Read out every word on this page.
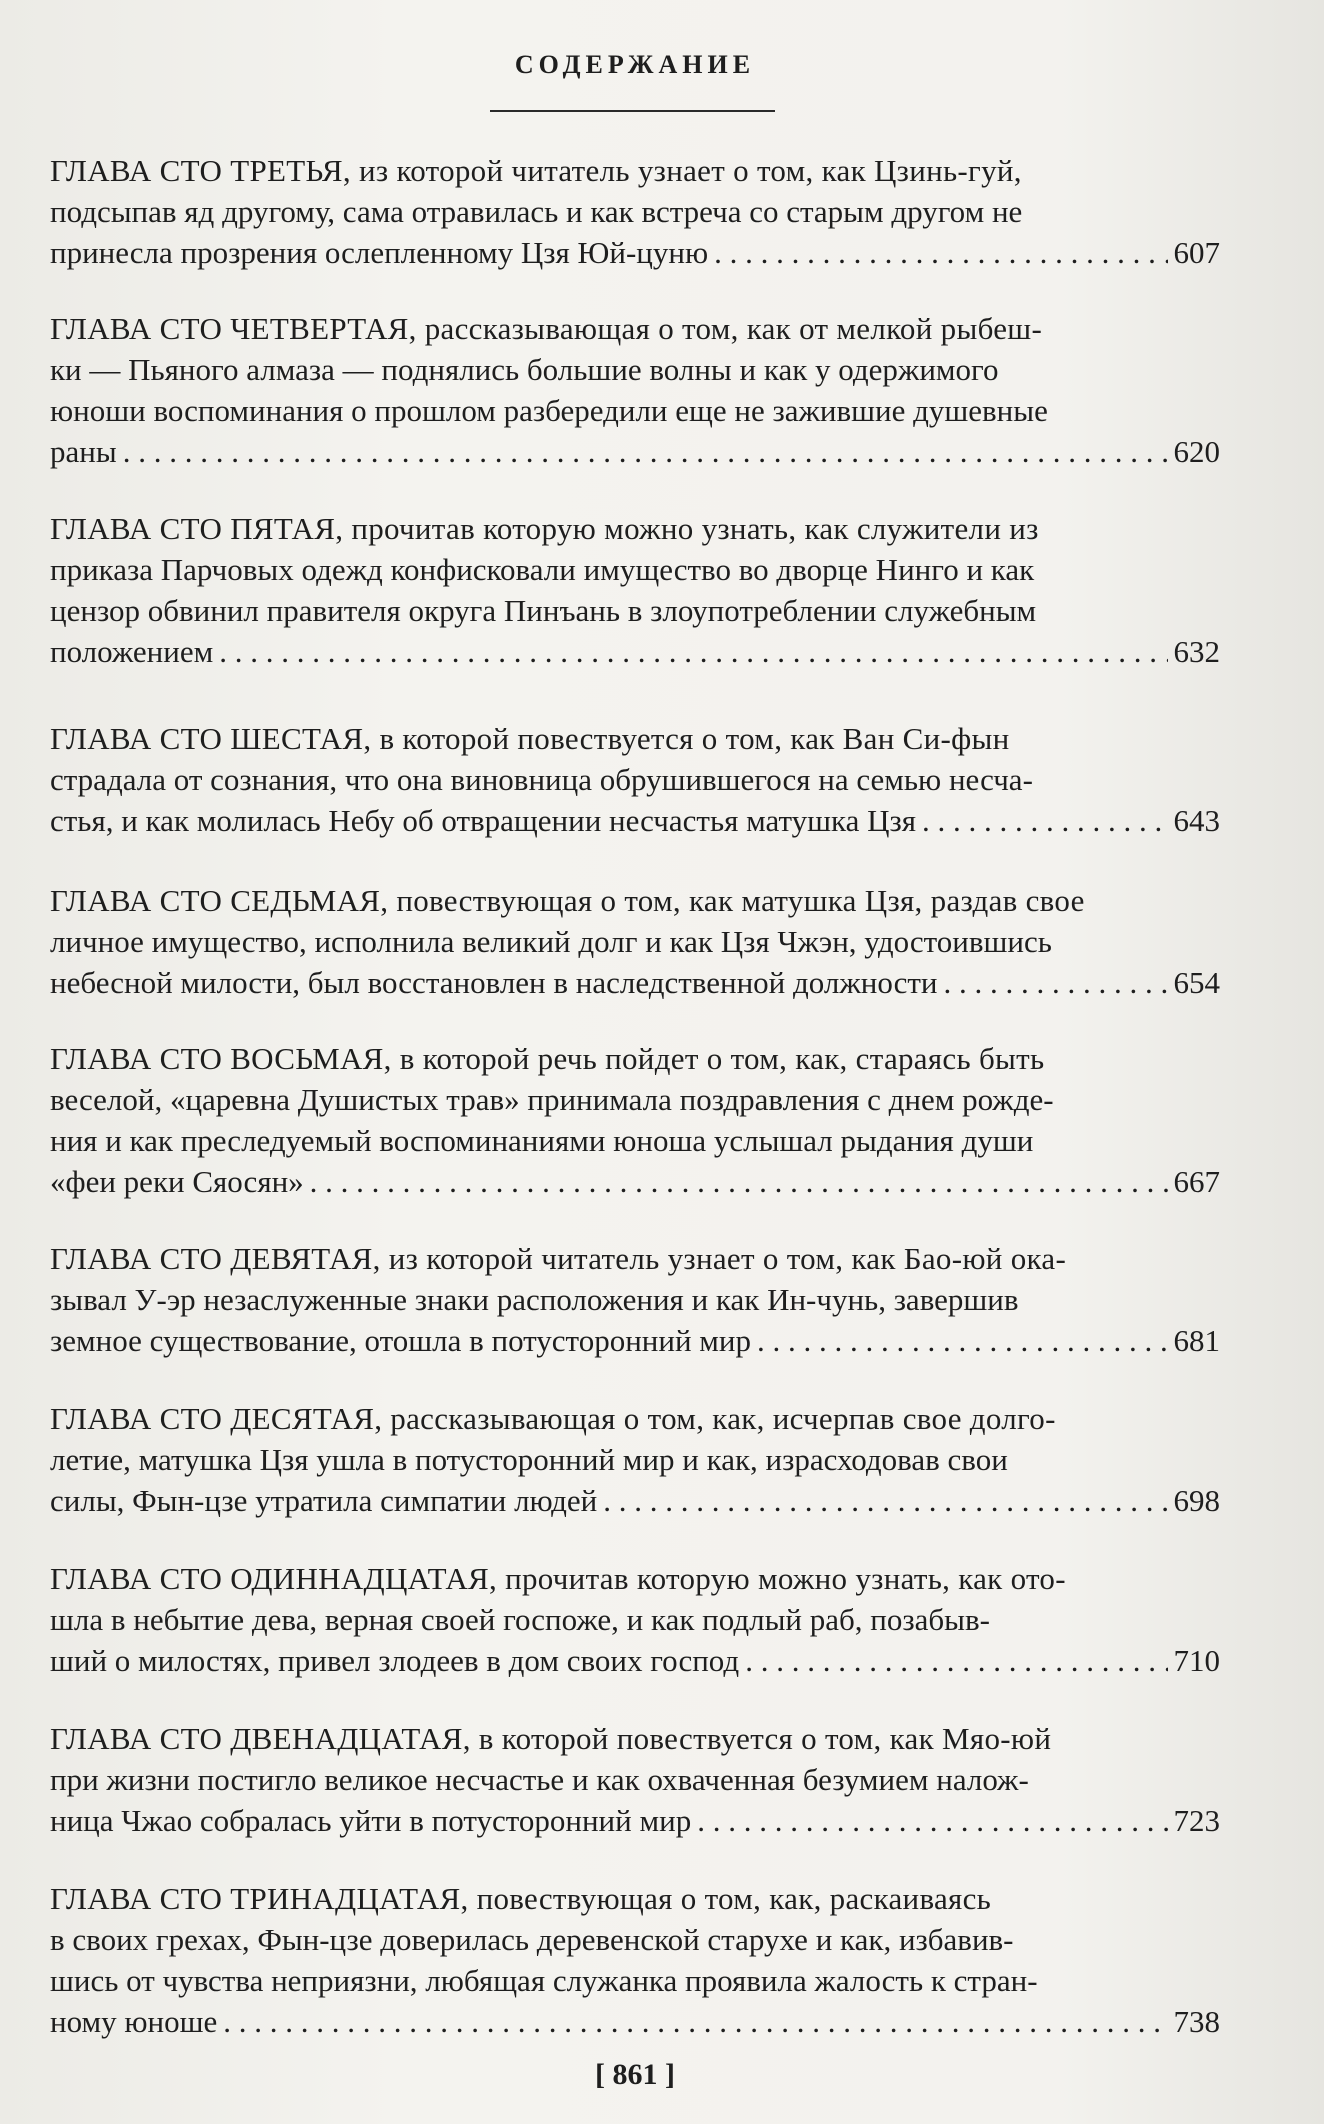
СОДЕРЖАНИЕ
ГЛАВА СТО ТРЕТЬЯ, из которой читатель узнает о том, как Цзинь-гуй,
подсыпав яд другому, сама отравилась и как встреча со старым другом не
принесла прозрения ослепленному Цзя Юй-цуню . . .	607
ГЛАВА СТО ЧЕТВЕРТАЯ, рассказывающая о том, как от мелкой рыбеш-
ки — Пьяного алмаза — поднялись большие волны и как у одержимого
юноши воспоминания о прошлом разбередили еще не зажившие душевные
раны . . .	620
ГЛАВА СТО ПЯТАЯ, прочитав которую можно узнать, как служители из
приказа Парчовых одежд конфисковали имущество во дворце Нинго и как
цензор обвинил правителя округа Пинъань в злоупотреблении служебным
положением . . .	632
ГЛАВА СТО ШЕСТАЯ, в которой повествуется о том, как Ван Си-фын
страдала от сознания, что она виновница обрушившегося на семью несча-
стья, и как молилась Небу об отвращении несчастья матушка Цзя . . .	643
ГЛАВА СТО СЕДЬМАЯ, повествующая о том, как матушка Цзя, раздав свое
личное имущество, исполнила великий долг и как Цзя Чжэн, удостоившись
небесной милости, был восстановлен в наследственной должности . . .	654
ГЛАВА СТО ВОСЬМАЯ, в которой речь пойдет о том, как, стараясь быть
веселой, «царевна Душистых трав» принимала поздравления с днем рожде-
ния и как преследуемый воспоминаниями юноша услышал рыдания души
«феи реки Сяосян» . . .	667
ГЛАВА СТО ДЕВЯТАЯ, из которой читатель узнает о том, как Бао-юй ока-
зывал У-эр незаслуженные знаки расположения и как Ин-чунь, завершив
земное существование, отошла в потусторонний мир . . .	681
ГЛАВА СТО ДЕСЯТАЯ, рассказывающая о том, как, исчерпав свое долго-
летие, матушка Цзя ушла в потусторонний мир и как, израсходовав свои
силы, Фын-цзе утратила симпатии людей . . .	698
ГЛАВА СТО ОДИННАДЦАТАЯ, прочитав которую можно узнать, как ото-
шла в небытие дева, верная своей госпоже, и как подлый раб, позабыв-
ший о милостях, привел злодеев в дом своих господ . . .	710
ГЛАВА СТО ДВЕНАДЦАТАЯ, в которой повествуется о том, как Мяо-юй
при жизни постигло великое несчастье и как охваченная безумием налож-
ница Чжао собралась уйти в потусторонний мир . . .	723
ГЛАВА СТО ТРИНАДЦАТАЯ, повествующая о том, как, раскаиваясь
в своих грехах, Фын-цзе доверилась деревенской старухе и как, избавив-
шись от чувства неприязни, любящая служанка проявила жалость к стран-
ному юноше . . .	738
[ 861 ]
